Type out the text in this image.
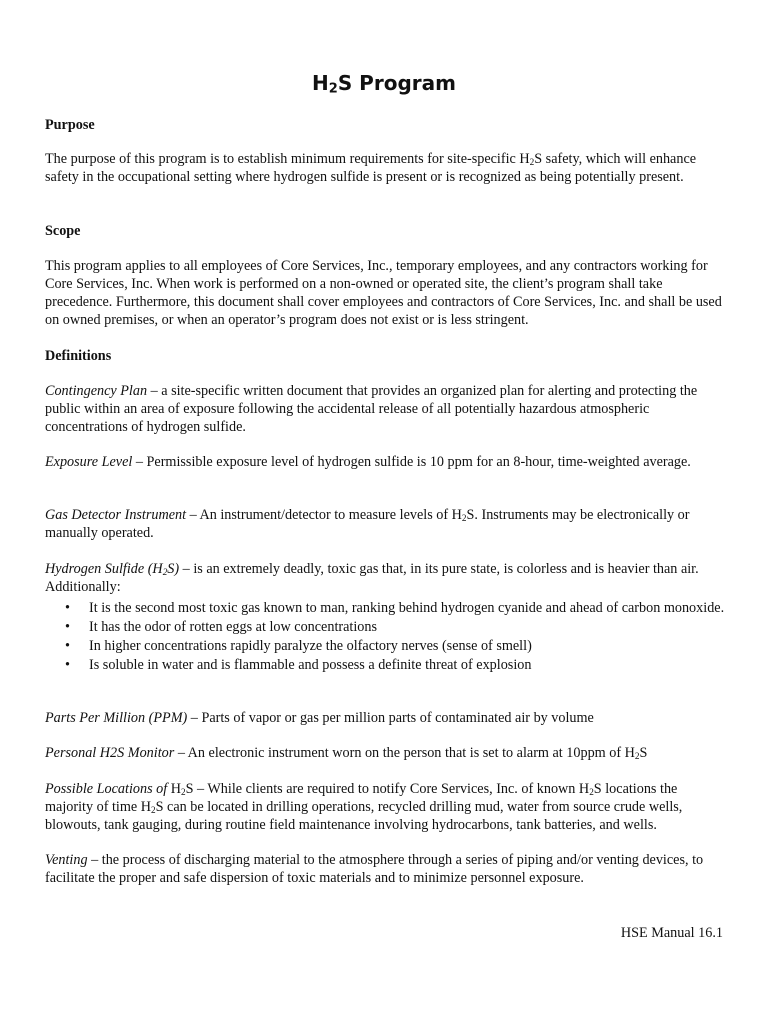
$H_2S$ Program
Purpose
The purpose of this program is to establish minimum requirements for site-specific $H_2S$ safety, which will enhance safety in the occupational setting where hydrogen sulfide is present or is recognized as being potentially present.
Scope
This program applies to all employees of Core Services, Inc., temporary employees, and any contractors working for Core Services, Inc. When work is performed on a non-owned or operated site, the client’s program shall take precedence. Furthermore, this document shall cover employees and contractors of Core Services, Inc. and shall be used on owned premises, or when an operator’s program does not exist or is less stringent.
Definitions
Contingency Plan – a site-specific written document that provides an organized plan for alerting and protecting the public within an area of exposure following the accidental release of all potentially hazardous atmospheric concentrations of hydrogen sulfide.
Exposure Level – Permissible exposure level of hydrogen sulfide is 10 ppm for an 8-hour, time-weighted average.
Gas Detector Instrument – An instrument/detector to measure levels of $H_2S$. Instruments may be electronically or manually operated.
Hydrogen Sulfide $(H_2S)$ – is an extremely deadly, toxic gas that, in its pure state, is colorless and is heavier than air. Additionally:
• It is the second most toxic gas known to man, ranking behind hydrogen cyanide and ahead of carbon monoxide.
• It has the odor of rotten eggs at low concentrations
• In higher concentrations rapidly paralyze the olfactory nerves (sense of smell)
• Is soluble in water and is flammable and possess a definite threat of explosion
Parts Per Million (PPM) – Parts of vapor or gas per million parts of contaminated air by volume
Personal H2S Monitor – An electronic instrument worn on the person that is set to alarm at 10ppm of $H_2S$
Possible Locations of $H_2S$ – While clients are required to notify Core Services, Inc. of known $H_2S$ locations the majority of time $H_2S$ can be located in drilling operations, recycled drilling mud, water from source crude wells, blowouts, tank gauging, during routine field maintenance involving hydrocarbons, tank batteries, and wells.
Venting – the process of discharging material to the atmosphere through a series of piping and/or venting devices, to facilitate the proper and safe dispersion of toxic materials and to minimize personnel exposure.
HSE Manual 16.1
